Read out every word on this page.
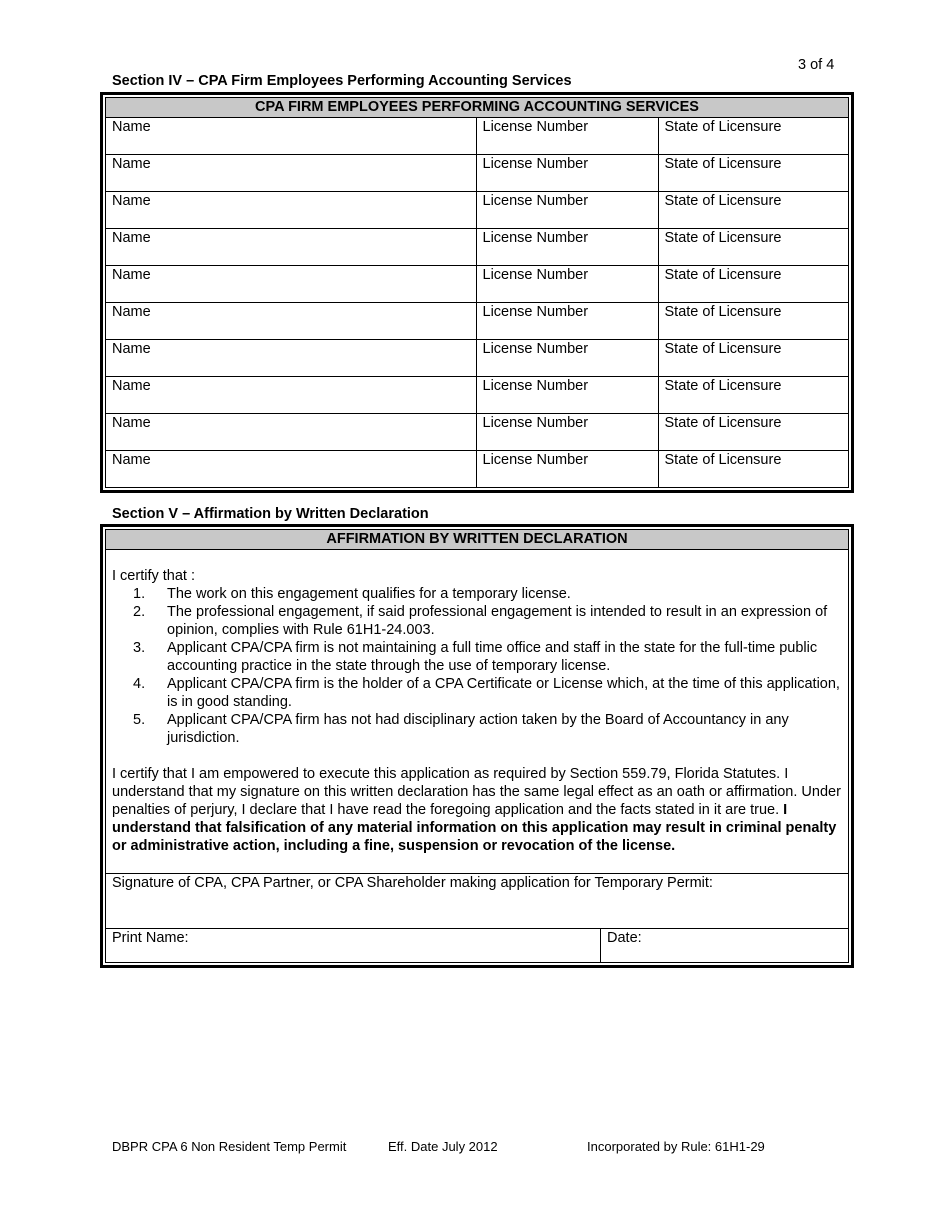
3 of 4
Section IV – CPA Firm Employees Performing Accounting Services
CPA FIRM EMPLOYEES PERFORMING ACCOUNTING SERVICES
Name	License Number	State of Licensure
Name	License Number	State of Licensure
Name	License Number	State of Licensure
Name	License Number	State of Licensure
Name	License Number	State of Licensure
Name	License Number	State of Licensure
Name	License Number	State of Licensure
Name	License Number	State of Licensure
Name	License Number	State of Licensure
Name	License Number	State of Licensure
Section V – Affirmation by Written Declaration
AFFIRMATION BY WRITTEN DECLARATION
I certify that :
1. The work on this engagement qualifies for a temporary license.
2. The professional engagement, if said professional engagement is intended to result in an expression of opinion, complies with Rule 61H1-24.003.
3. Applicant CPA/CPA firm is not maintaining a full time office and staff in the state for the full-time public accounting practice in the state through the use of temporary license.
4. Applicant CPA/CPA firm is the holder of a CPA Certificate or License which, at the time of this application, is in good standing.
5. Applicant CPA/CPA firm has not had disciplinary action taken by the Board of Accountancy in any jurisdiction.
I certify that I am empowered to execute this application as required by Section 559.79, Florida Statutes. I understand that my signature on this written declaration has the same legal effect as an oath or affirmation. Under penalties of perjury, I declare that I have read the foregoing application and the facts stated in it are true. I understand that falsification of any material information on this application may result in criminal penalty or administrative action, including a fine, suspension or revocation of the license.
Signature of CPA, CPA Partner, or CPA Shareholder making application for Temporary Permit:
Print Name:	Date:
DBPR CPA 6 Non Resident Temp Permit	Eff. Date July 2012	Incorporated by Rule: 61H1-29
